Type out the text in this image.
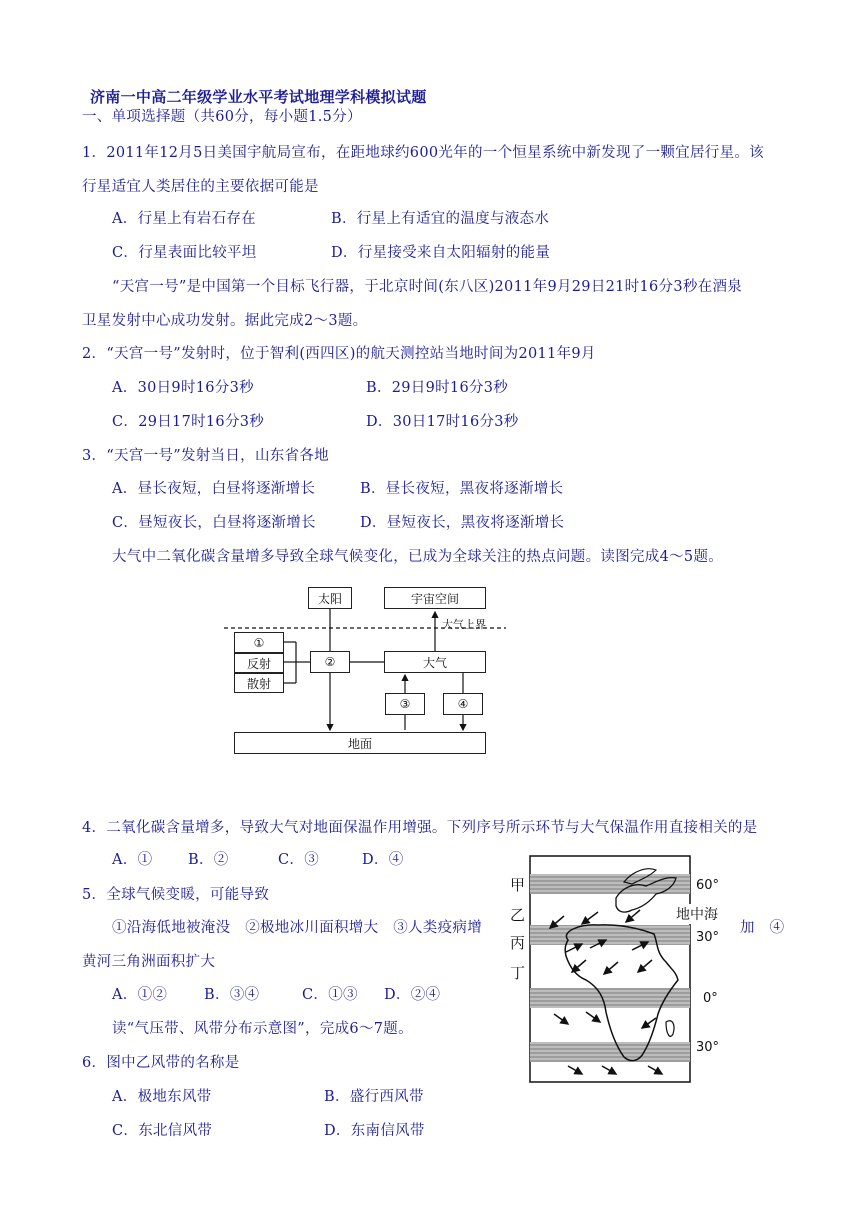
济南一中高二年级学业水平考试地理学科模拟试题
一、单项选择题（共60分，每小题1.5分）
1．2011年12月5日美国宇航局宣布，在距地球约600光年的一个恒星系统中新发现了一颗宜居行星。该
行星适宜人类居住的主要依据可能是
A．行星上有岩石存在	B．行星上有适宜的温度与液态水
C．行星表面比较平坦	D．行星接受来自太阳辐射的能量
“天宫一号”是中国第一个目标飞行器，于北京时间(东八区)2011年9月29日21时16分3秒在酒泉
卫星发射中心成功发射。据此完成2～3题。
2．“天宫一号”发射时，位于智利(西四区)的航天测控站当地时间为2011年9月
A．30日9时16分3秒	B．29日9时16分3秒
C．29日17时16分3秒	D．30日17时16分3秒
3．“天宫一号”发射当日，山东省各地
A．昼长夜短，白昼将逐渐增长	B．昼长夜短，黑夜将逐渐增长
C．昼短夜长，白昼将逐渐增长	D．昼短夜长，黑夜将逐渐增长
大气中二氧化碳含量增多导致全球气候变化，已成为全球关注的热点问题。读图完成4～5题。
太阳	宇宙空间
大气上界
①
反射
散射
②	大气
③	④
地面
4．二氧化碳含量增多，导致大气对地面保温作用增强。下列序号所示环节与大气保温作用直接相关的是
A．① B．②	C．③	D．④
5．全球气候变暖，可能导致
①沿海低地被淹没　②极地冰川面积增大　③人类疫病增	加　④
黄河三角洲面积扩大
A．①②	B．③④	C．①③ D．②④
读“气压带、风带分布示意图”，完成6～7题。
6．图中乙风带的名称是
A．极地东风带	B．盛行西风带
C．东北信风带	D．东南信风带
甲
乙
丙
丁
60°
地中海
30°
0°
30°
